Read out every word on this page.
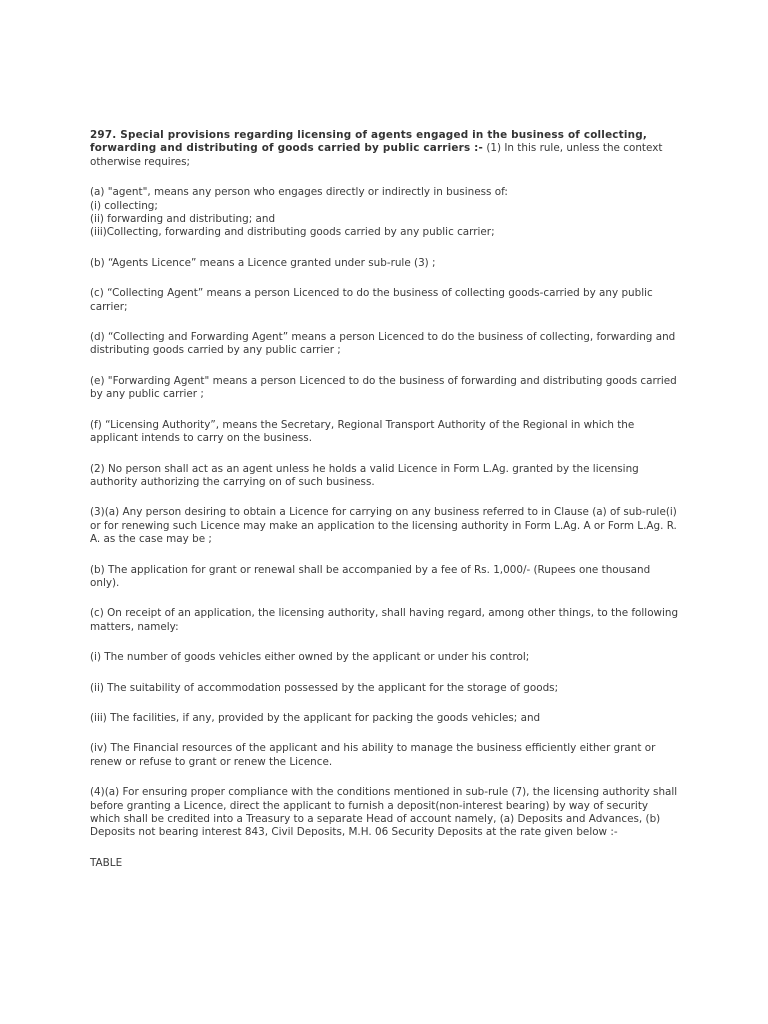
297. Special provisions regarding licensing of agents engaged in the business of collecting, forwarding and distributing of goods carried by public carriers :- (1) In this rule, unless the context otherwise requires;

(a) "agent", means any person who engages directly or indirectly in business of:
(i) collecting;
(ii) forwarding and distributing; and
(iii)Collecting, forwarding and distributing goods carried by any public carrier;

(b) “Agents Licence” means a Licence granted under sub-rule (3) ;

(c) “Collecting Agent” means a person Licenced to do the business of collecting goods-carried by any public carrier;

(d) “Collecting and Forwarding Agent” means a person Licenced to do the business of collecting, forwarding and distributing goods carried by any public carrier ;

(e) "Forwarding Agent" means a person Licenced to do the business of forwarding and distributing goods carried by any public carrier ;

(f) “Licensing Authority”, means the Secretary, Regional Transport Authority of the Regional in which the applicant intends to carry on the business.

(2) No person shall act as an agent unless he holds a valid Licence in Form L.Ag. granted by the licensing authority authorizing the carrying on of such business.

(3)(a) Any person desiring to obtain a Licence for carrying on any business referred to in Clause (a) of sub-rule(i) or for renewing such Licence may make an application to the licensing authority in Form L.Ag. A or Form L.Ag. R. A. as the case may be ;

(b) The application for grant or renewal shall be accompanied by a fee of Rs. 1,000/- (Rupees one thousand only).

(c) On receipt of an application, the licensing authority, shall having regard, among other things, to the following matters, namely:

(i) The number of goods vehicles either owned by the applicant or under his control;

(ii) The suitability of accommodation possessed by the applicant for the storage of goods;

(iii) The facilities, if any, provided by the applicant for packing the goods vehicles; and

(iv) The Financial resources of the applicant and his ability to manage the business efficiently either grant or renew or refuse to grant or renew the Licence.

(4)(a) For ensuring proper compliance with the conditions mentioned in sub-rule (7), the licensing authority shall before granting a Licence, direct the applicant to furnish a deposit(non-interest bearing) by way of security which shall be credited into a Treasury to a separate Head of account namely, (a) Deposits and Advances, (b) Deposits not bearing interest 843, Civil Deposits, M.H. 06 Security Deposits at the rate given below :-

TABLE
